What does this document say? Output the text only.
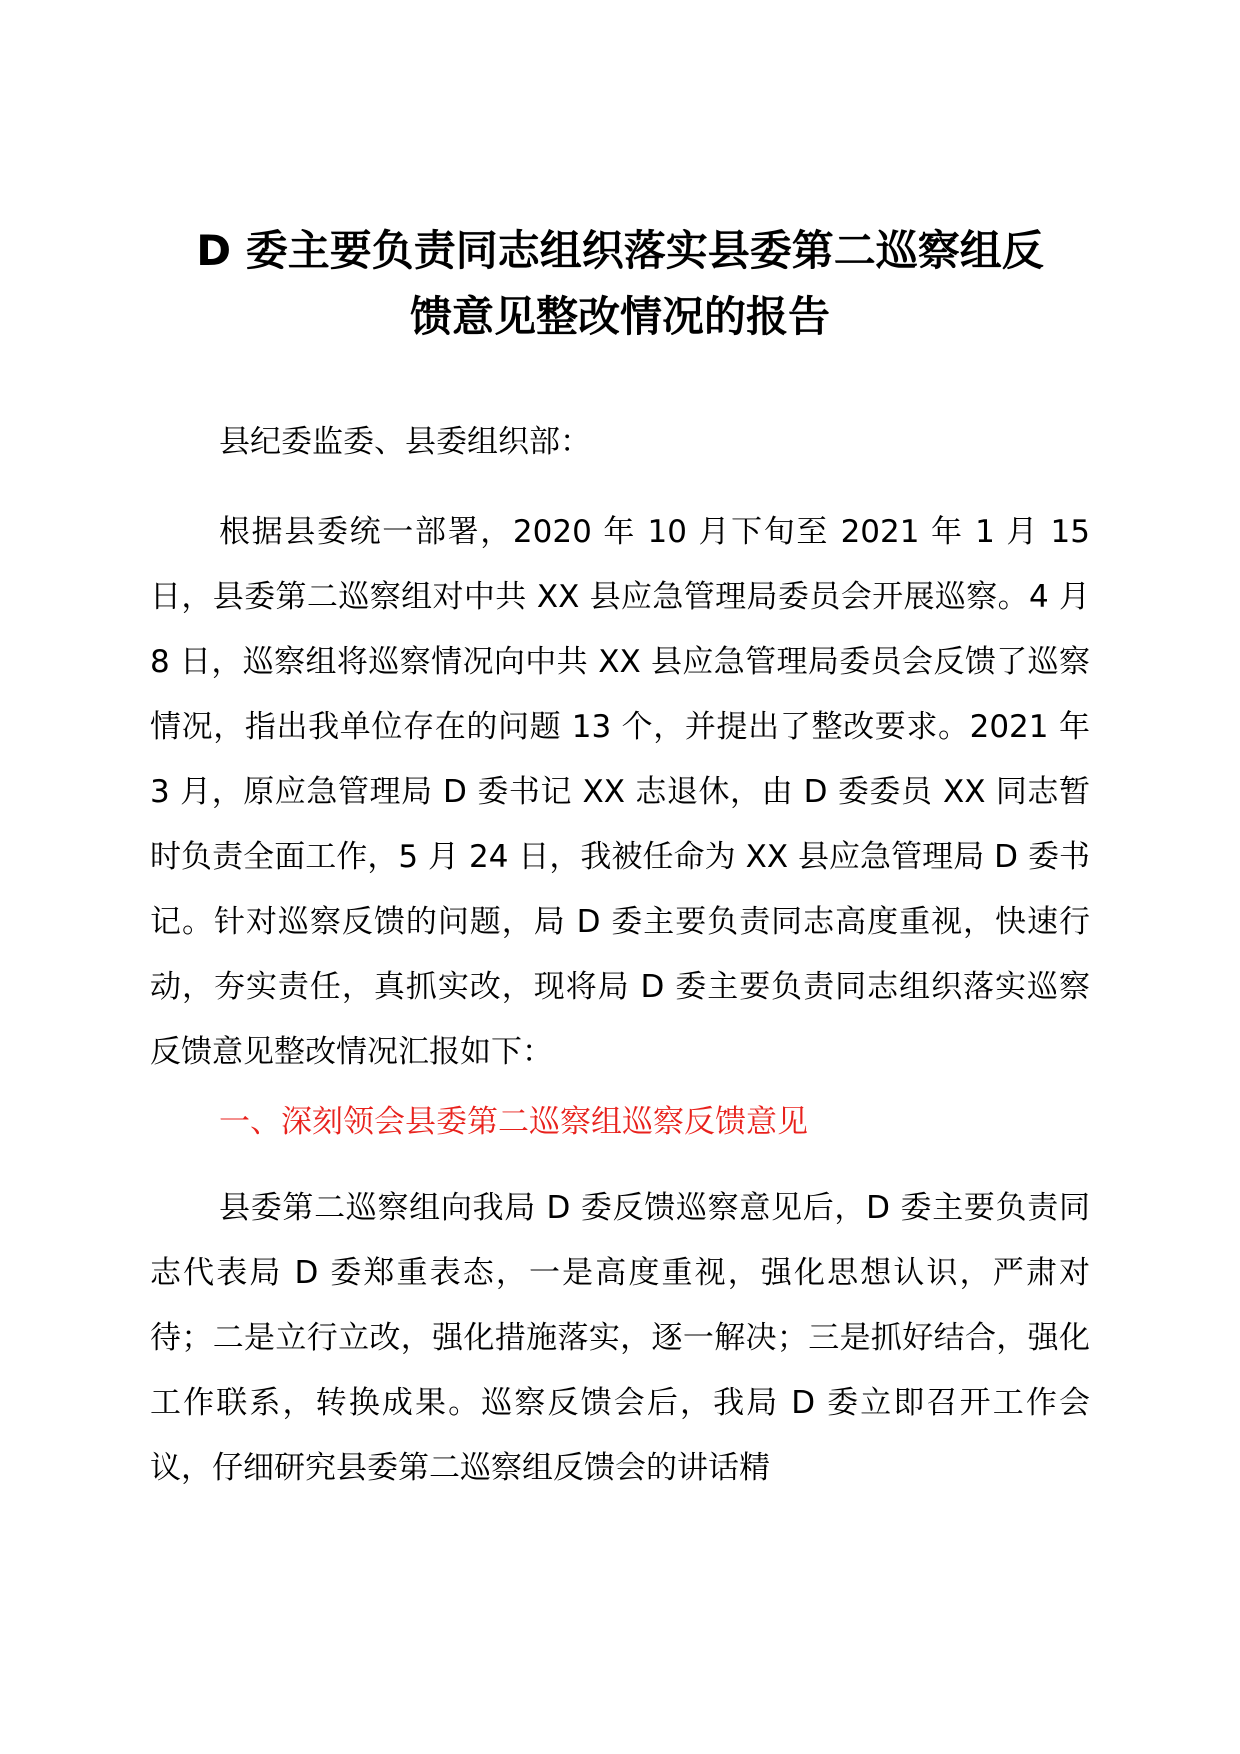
D 委主要负责同志组织落实县委第二巡察组反
馈意见整改情况的报告

县纪委监委、县委组织部：

根据县委统一部署，2020 年 10 月下旬至 2021 年 1 月 15 日，县委第二巡察组对中共 XX 县应急管理局委员会开展巡察。4 月 8 日，巡察组将巡察情况向中共 XX 县应急管理局委员会反馈了巡察情况，指出我单位存在的问题 13 个，并提出了整改要求。2021 年 3 月，原应急管理局 D 委书记 XX 志退休，由 D 委委员 XX 同志暂时负责全面工作，5 月 24 日，我被任命为 XX 县应急管理局 D 委书记。针对巡察反馈的问题，局 D 委主要负责同志高度重视，快速行动，夯实责任，真抓实改，现将局 D 委主要负责同志组织落实巡察反馈意见整改情况汇报如下：

一、深刻领会县委第二巡察组巡察反馈意见

县委第二巡察组向我局 D 委反馈巡察意见后，D 委主要负责同志代表局 D 委郑重表态，一是高度重视，强化思想认识，严肃对待；二是立行立改，强化措施落实，逐一解决；三是抓好结合，强化工作联系，转换成果。巡察反馈会后，我局 D 委立即召开工作会议，仔细研究县委第二巡察组反馈会的讲话精
